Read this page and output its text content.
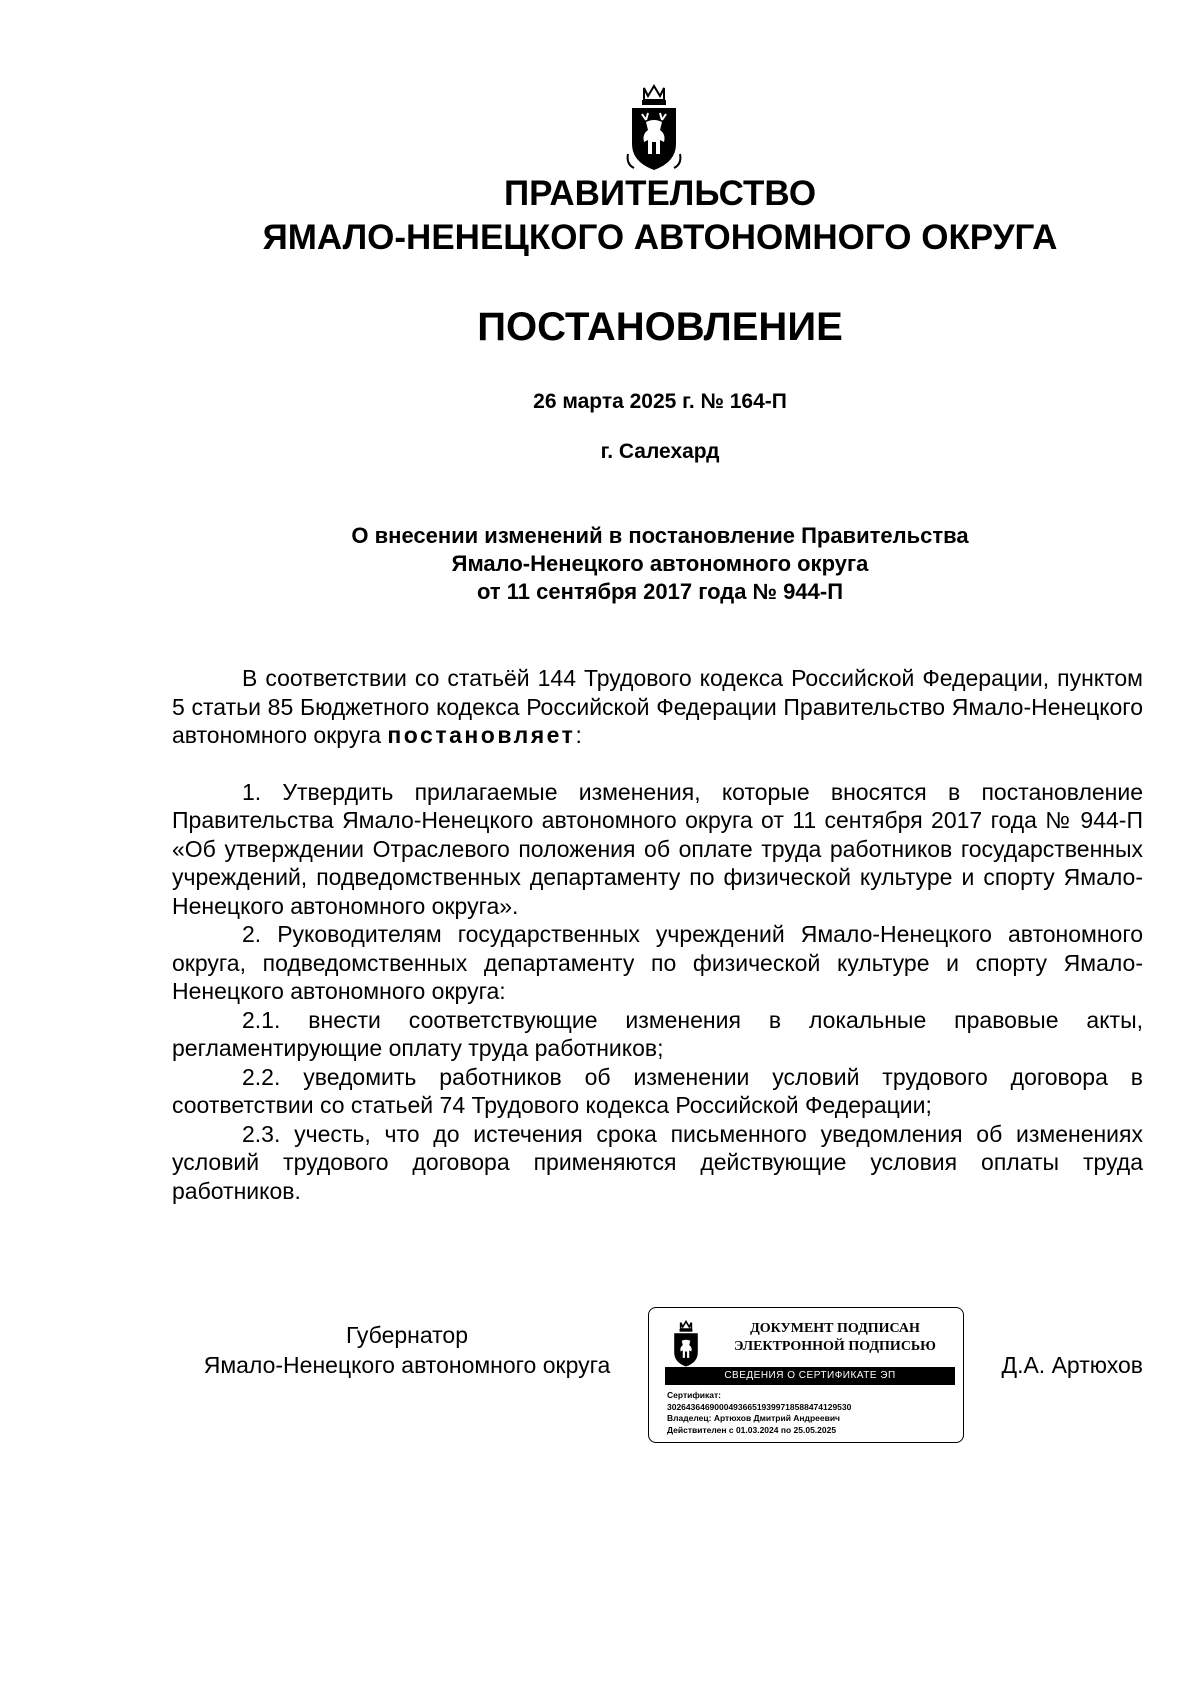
ПРАВИТЕЛЬСТВО
ЯМАЛО-НЕНЕЦКОГО АВТОНОМНОГО ОКРУГА
ПОСТАНОВЛЕНИЕ
26 марта 2025 г. № 164-П
г. Салехард
О внесении изменений в постановление Правительства
Ямало-Ненецкого автономного округа
от 11 сентября 2017 года № 944-П

В соответствии со статьёй 144 Трудового кодекса Российской Федерации, пунктом 5 статьи 85 Бюджетного кодекса Российской Федерации Правительство Ямало-Ненецкого автономного округа постановляет:

1. Утвердить прилагаемые изменения, которые вносятся в постановление Правительства Ямало-Ненецкого автономного округа от 11 сентября 2017 года № 944-П «Об утверждении Отраслевого положения об оплате труда работников государственных учреждений, подведомственных департаменту по физической культуре и спорту Ямало-Ненецкого автономного округа».

2. Руководителям государственных учреждений Ямало-Ненецкого автономного округа, подведомственных департаменту по физической культуре и спорту Ямало-Ненецкого автономного округа:

2.1. внести соответствующие изменения в локальные правовые акты, регламентирующие оплату труда работников;

2.2. уведомить работников об изменении условий трудового договора в соответствии со статьей 74 Трудового кодекса Российской Федерации;

2.3. учесть, что до истечения срока письменного уведомления об изменениях условий трудового договора применяются действующие условия оплаты труда работников.

Губернатор
Ямало-Ненецкого автономного округа
ДОКУМЕНТ ПОДПИСАН
ЭЛЕКТРОННОЙ ПОДПИСЬЮ
СВЕДЕНИЯ О СЕРТИФИКАТЕ ЭП
Сертификат:
30264364690004936651939971858847412953​0
Владелец: Артюхов Дмитрий Андреевич
Действителен с 01.03.2024 по 25.05.2025
Д.А. Артюхов
